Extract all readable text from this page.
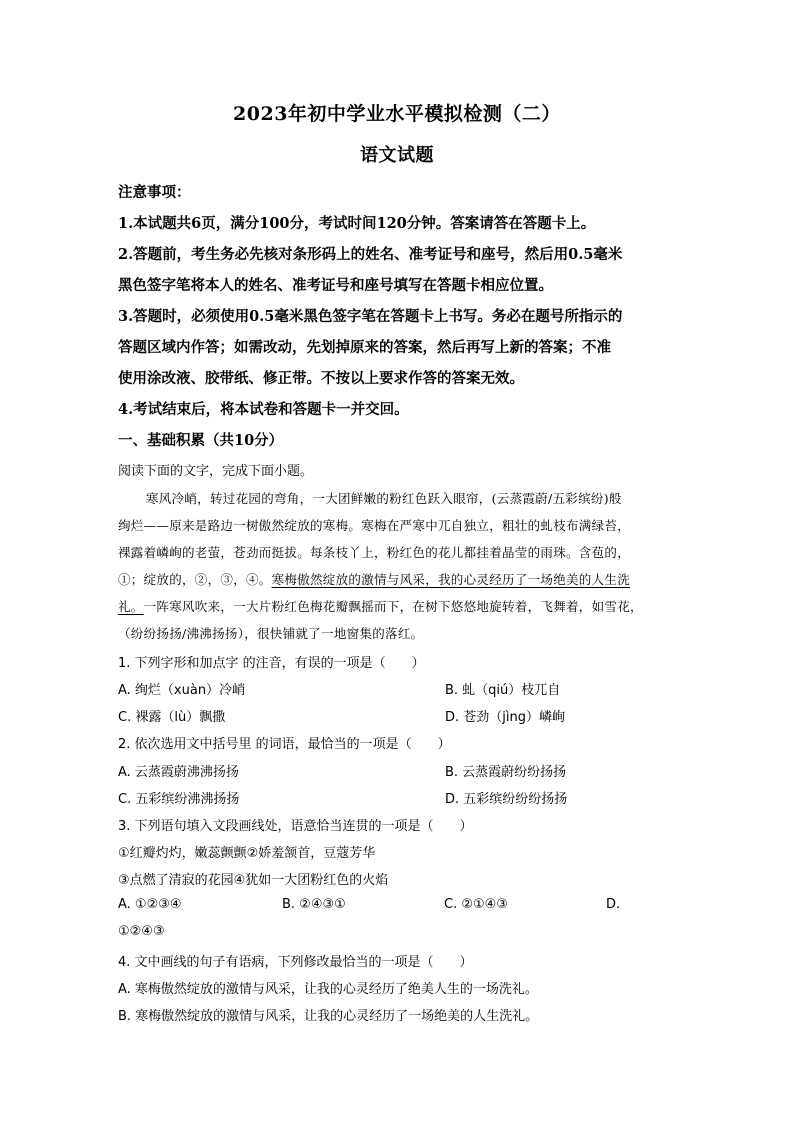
2023年初中学业水平模拟检测（二）
语文试题
注意事项：
1.本试题共6页，满分100分，考试时间120分钟。答案请答在答题卡上。
2.答题前，考生务必先核对条形码上的姓名、准考证号和座号，然后用0.5毫米
黑色签字笔将本人的姓名、准考证号和座号填写在答题卡相应位置。
3.答题时，必须使用0.5毫米黑色签字笔在答题卡上书写。务必在题号所指示的
答题区域内作答；如需改动，先划掉原来的答案，然后再写上新的答案；不准
使用涂改液、胶带纸、修正带。不按以上要求作答的答案无效。
4.考试结束后，将本试卷和答题卡一并交回。
一、基础积累（共10分）
阅读下面的文字，完成下面小题。
寒风冷峭，转过花园的弯角，一大团鲜嫩的粉红色跃入眼帘，(云蒸霞蔚/五彩缤纷)般
绚烂——原来是路边一树傲然绽放的寒梅。寒梅在严寒中兀自独立，粗壮的虬枝布满绿苔，
裸露着嶙峋的老萤，苍劲而挺拔。每条枝丫上，粉红色的花儿都挂着晶莹的雨珠。含苞的，
①；绽放的，②，③，④。寒梅傲然绽放的激情与风采，我的心灵经历了一场绝美的人生洗
礼。一阵寒风吹来，一大片粉红色梅花瓣飘摇而下，在树下悠悠地旋转着，飞舞着，如雪花，
（纷纷扬扬/沸沸扬扬），很快铺就了一地窗集的落红。
1. 下列字形和加点字 的注音，有误的一项是（　　）
A. 绚烂（xuàn）冷峭	B. 虬（qiú）枝兀自
C. 裸露（lù）飘撒	D. 苍劲（jìng）嶙峋
2. 依次选用文中括号里 的词语，最恰当的一项是（　　）
A. 云蒸霞蔚沸沸扬扬	B. 云蒸霞蔚纷纷扬扬
C. 五彩缤纷沸沸扬扬	D. 五彩缤纷纷纷扬扬
3. 下列语句填入文段画线处，语意恰当连贯的一项是（　　）
①红瓣灼灼，嫩蕊颤颤②娇羞颔首，豆蔻芳华
③点燃了清寂的花园④犹如一大团粉红色的火焰
A. ①②③④	B. ②④③①	C. ②①④③	D.
①②④③
4. 文中画线的句子有语病，下列修改最恰当的一项是（　　）
A. 寒梅傲然绽放的激情与风采，让我的心灵经历了绝美人生的一场洗礼。
B. 寒梅傲然绽放的激情与风采，让我的心灵经历了一场绝美的人生洗礼。
